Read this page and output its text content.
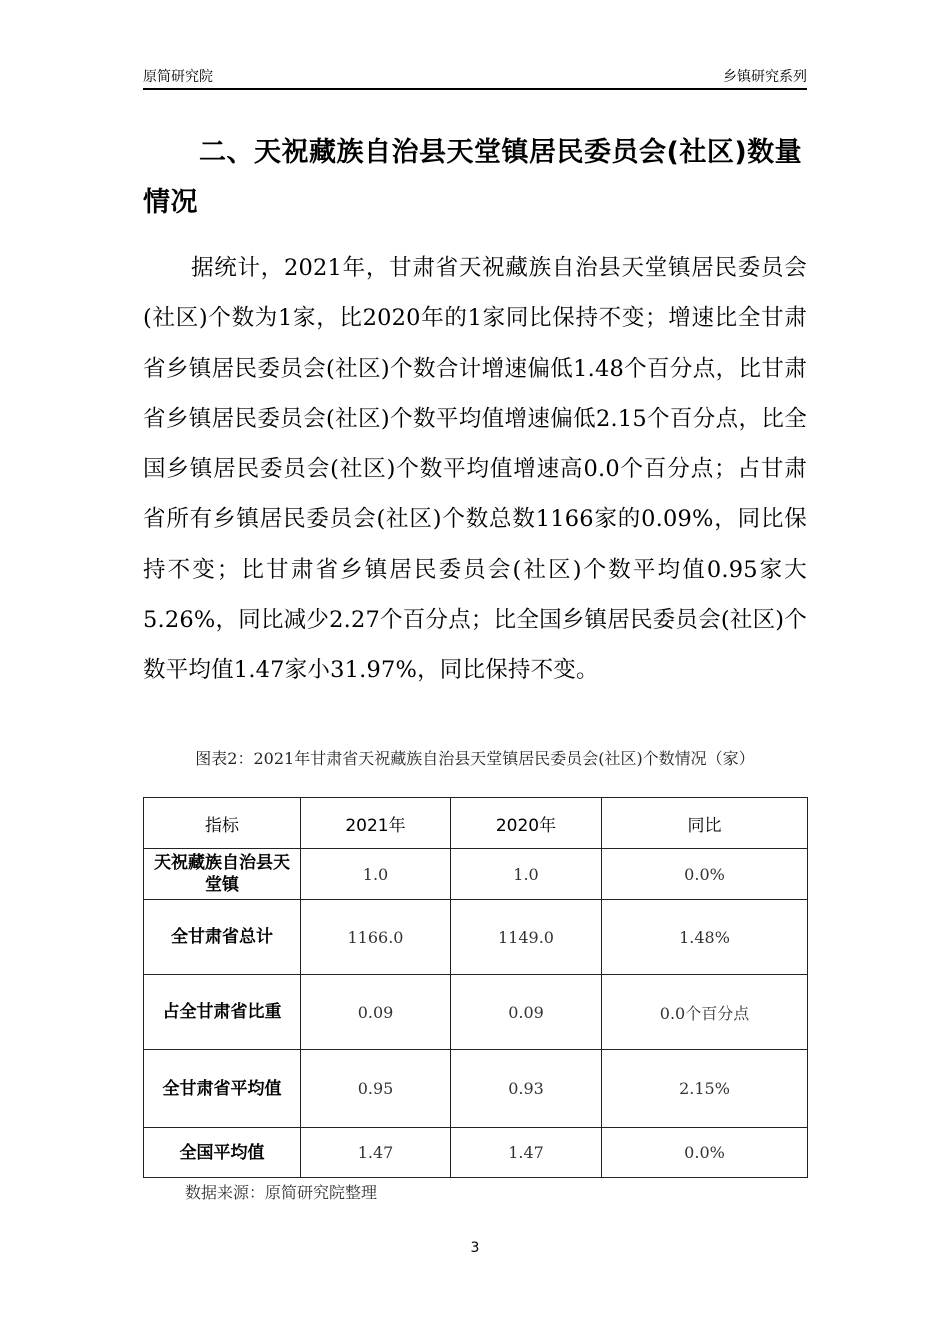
原简研究院	乡镇研究系列
二、天祝藏族自治县天堂镇居民委员会(社区)数量情况
据统计，2021年，甘肃省天祝藏族自治县天堂镇居民委员会(社区)个数为1家，比2020年的1家同比保持不变；增速比全甘肃省乡镇居民委员会(社区)个数合计增速偏低1.48个百分点，比甘肃省乡镇居民委员会(社区)个数平均值增速偏低2.15个百分点，比全国乡镇居民委员会(社区)个数平均值增速高0.0个百分点；占甘肃省所有乡镇居民委员会(社区)个数总数1166家的0.09%，同比保持不变；比甘肃省乡镇居民委员会(社区)个数平均值0.95家大5.26%，同比减少2.27个百分点；比全国乡镇居民委员会(社区)个数平均值1.47家小31.97%，同比保持不变。
图表2：2021年甘肃省天祝藏族自治县天堂镇居民委员会(社区)个数情况（家）
指标	2021年	2020年	同比
天祝藏族自治县天堂镇	1.0	1.0	0.0%
全甘肃省总计	1166.0	1149.0	1.48%
占全甘肃省比重	0.09	0.09	0.0个百分点
全甘肃省平均值	0.95	0.93	2.15%
全国平均值	1.47	1.47	0.0%
数据来源：原简研究院整理
3
